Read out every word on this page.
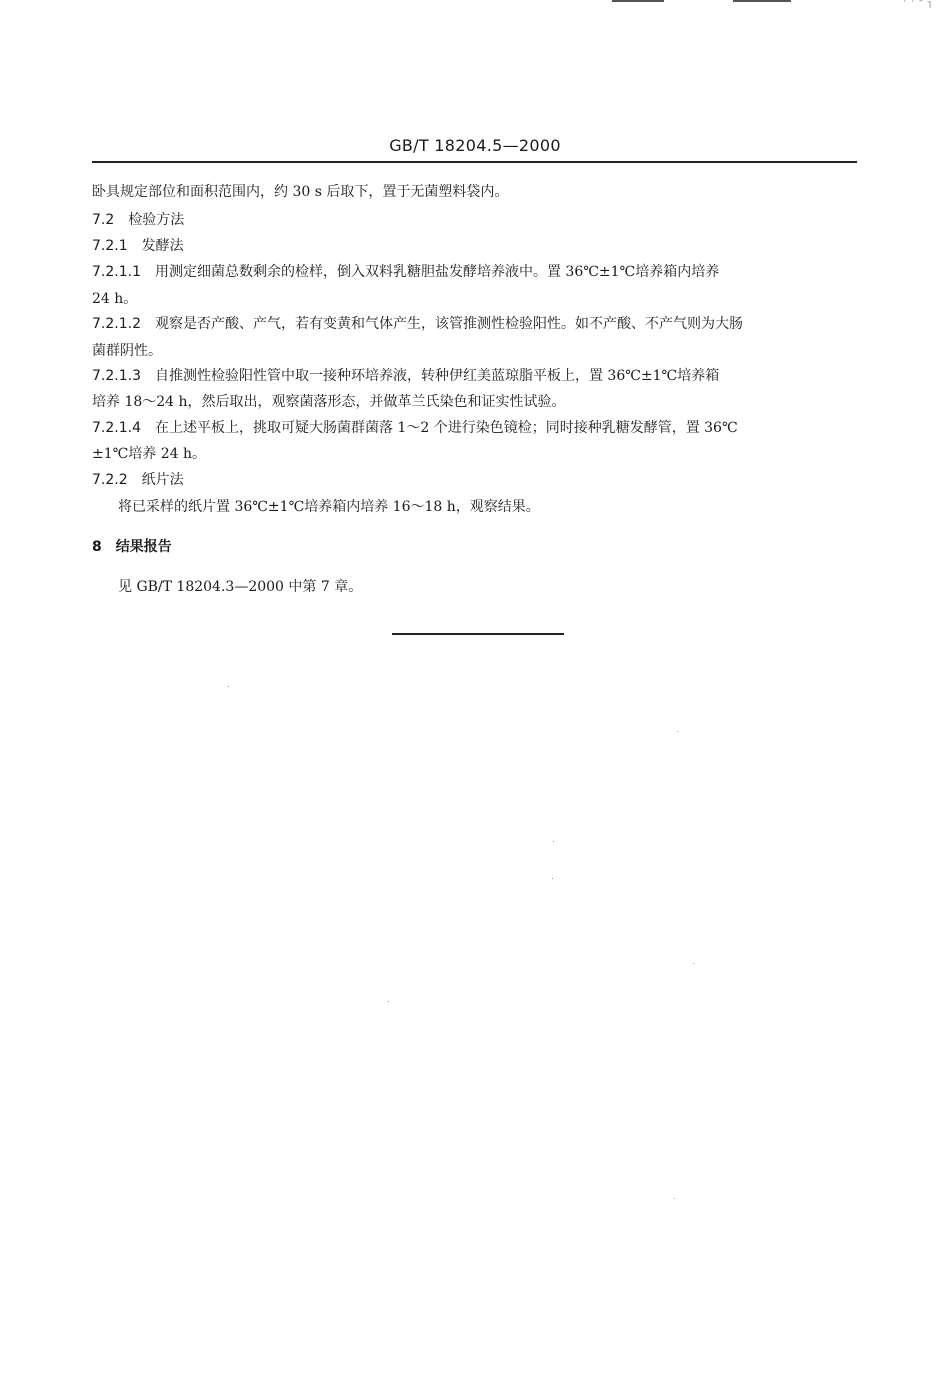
˙ ˙ ¯ ˥
GB/T 18204.5—2000
卧具规定部位和面积范围内，约 30 s 后取下，置于无菌塑料袋内。
7.2 检验方法
7.2.1 发酵法
7.2.1.1 用测定细菌总数剩余的检样，倒入双料乳糖胆盐发酵培养液中。置 36℃±1℃培养箱内培养
24 h。
7.2.1.2 观察是否产酸、产气，若有变黄和气体产生，该管推测性检验阳性。如不产酸、不产气则为大肠
菌群阴性。
7.2.1.3 自推测性检验阳性管中取一接种环培养液，转种伊红美蓝琼脂平板上，置 36℃±1℃培养箱
培养 18～24 h，然后取出，观察菌落形态，并做革兰氏染色和证实性试验。
7.2.1.4 在上述平板上，挑取可疑大肠菌群菌落 1～2 个进行染色镜检；同时接种乳糖发酵管，置 36℃
±1℃培养 24 h。
7.2.2 纸片法
将已采样的纸片置 36℃±1℃培养箱内培养 16～18 h，观察结果。
8 结果报告
见 GB/T 18204.3—2000 中第 7 章。
